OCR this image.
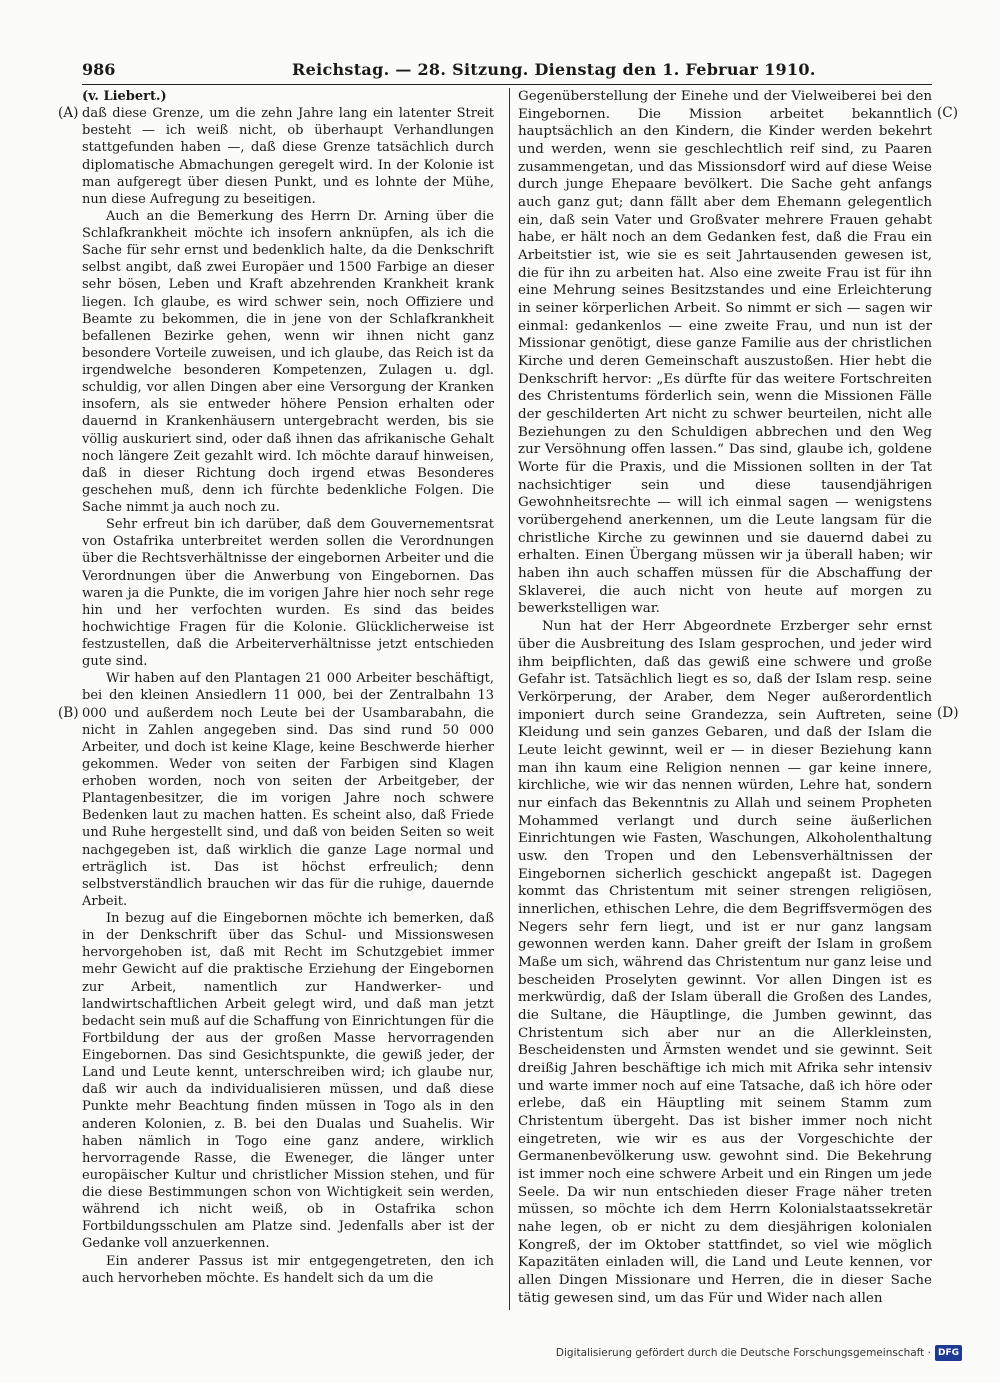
986	Reichstag. — 28. Sitzung. Dienstag den 1. Februar 1910.
(A)
(B)
(C)
(D)

(v. Liebert.)

daß diese Grenze, um die zehn Jahre lang ein latenter Streit besteht — ich weiß nicht, ob überhaupt Verhandlungen stattgefunden haben —, daß diese Grenze tatsächlich durch diplomatische Abmachungen geregelt wird. In der Kolonie ist man aufgeregt über diesen Punkt, und es lohnte der Mühe, nun diese Aufregung zu beseitigen.

Auch an die Bemerkung des Herrn Dr. Arning über die Schlafkrankheit möchte ich insofern anknüpfen, als ich die Sache für sehr ernst und bedenklich halte, da die Denkschrift selbst angibt, daß zwei Europäer und 1500 Farbige an dieser sehr bösen, Leben und Kraft abzehrenden Krankheit krank liegen. Ich glaube, es wird schwer sein, noch Offiziere und Beamte zu bekommen, die in jene von der Schlafkrankheit befallenen Bezirke gehen, wenn wir ihnen nicht ganz besondere Vorteile zuweisen, und ich glaube, das Reich ist da irgendwelche besonderen Kompetenzen, Zulagen u. dgl. schuldig, vor allen Dingen aber eine Versorgung der Kranken insofern, als sie entweder höhere Pension erhalten oder dauernd in Krankenhäusern untergebracht werden, bis sie völlig auskuriert sind, oder daß ihnen das afrikanische Gehalt noch längere Zeit gezahlt wird. Ich möchte darauf hinweisen, daß in dieser Richtung doch irgend etwas Besonderes geschehen muß, denn ich fürchte bedenkliche Folgen. Die Sache nimmt ja auch noch zu.

Sehr erfreut bin ich darüber, daß dem Gouvernementsrat von Ostafrika unterbreitet werden sollen die Verordnungen über die Rechtsverhältnisse der eingebornen Arbeiter und die Verordnungen über die Anwerbung von Eingebornen. Das waren ja die Punkte, die im vorigen Jahre hier noch sehr rege hin und her verfochten wurden. Es sind das beides hochwichtige Fragen für die Kolonie. Glücklicherweise ist festzustellen, daß die Arbeiterverhältnisse jetzt entschieden gute sind.

Wir haben auf den Plantagen 21 000 Arbeiter beschäftigt, bei den kleinen Ansiedlern 11 000, bei der Zentralbahn 13 000 und außerdem noch Leute bei der Usambarabahn, die nicht in Zahlen angegeben sind. Das sind rund 50 000 Arbeiter, und doch ist keine Klage, keine Beschwerde hierher gekommen. Weder von seiten der Farbigen sind Klagen erhoben worden, noch von seiten der Arbeitgeber, der Plantagenbesitzer, die im vorigen Jahre noch schwere Bedenken laut zu machen hatten. Es scheint also, daß Friede und Ruhe hergestellt sind, und daß von beiden Seiten so weit nachgegeben ist, daß wirklich die ganze Lage normal und erträglich ist. Das ist höchst erfreulich; denn selbstverständlich brauchen wir das für die ruhige, dauernde Arbeit.

In bezug auf die Eingebornen möchte ich bemerken, daß in der Denkschrift über das Schul- und Missionswesen hervorgehoben ist, daß mit Recht im Schutzgebiet immer mehr Gewicht auf die praktische Erziehung der Eingebornen zur Arbeit, namentlich zur Handwerker- und landwirtschaftlichen Arbeit gelegt wird, und daß man jetzt bedacht sein muß auf die Schaffung von Einrichtungen für die Fortbildung der aus der großen Masse hervorragenden Eingebornen. Das sind Gesichtspunkte, die gewiß jeder, der Land und Leute kennt, unterschreiben wird; ich glaube nur, daß wir auch da individualisieren müssen, und daß diese Punkte mehr Beachtung finden müssen in Togo als in den anderen Kolonien, z. B. bei den Dualas und Suahelis. Wir haben nämlich in Togo eine ganz andere, wirklich hervorragende Rasse, die Eweneger, die länger unter europäischer Kultur und christlicher Mission stehen, und für die diese Bestimmungen schon von Wichtigkeit sein werden, während ich nicht weiß, ob in Ostafrika schon Fortbildungsschulen am Platze sind. Jedenfalls aber ist der Gedanke voll anzuerkennen.

Ein anderer Passus ist mir entgegengetreten, den ich auch hervorheben möchte. Es handelt sich da um die

Gegenüberstellung der Einehe und der Vielweiberei bei den Eingebornen. Die Mission arbeitet bekanntlich hauptsächlich an den Kindern, die Kinder werden bekehrt und werden, wenn sie geschlechtlich reif sind, zu Paaren zusammengetan, und das Missionsdorf wird auf diese Weise durch junge Ehepaare bevölkert. Die Sache geht anfangs auch ganz gut; dann fällt aber dem Ehemann gelegentlich ein, daß sein Vater und Großvater mehrere Frauen gehabt habe, er hält noch an dem Gedanken fest, daß die Frau ein Arbeitstier ist, wie sie es seit Jahrtausenden gewesen ist, die für ihn zu arbeiten hat. Also eine zweite Frau ist für ihn eine Mehrung seines Besitzstandes und eine Erleichterung in seiner körperlichen Arbeit. So nimmt er sich — sagen wir einmal: gedankenlos — eine zweite Frau, und nun ist der Missionar genötigt, diese ganze Familie aus der christlichen Kirche und deren Gemeinschaft auszustoßen. Hier hebt die Denkschrift hervor: „Es dürfte für das weitere Fortschreiten des Christentums förderlich sein, wenn die Missionen Fälle der geschilderten Art nicht zu schwer beurteilen, nicht alle Beziehungen zu den Schuldigen abbrechen und den Weg zur Versöhnung offen lassen.“ Das sind, glaube ich, goldene Worte für die Praxis, und die Missionen sollten in der Tat nachsichtiger sein und diese tausendjährigen Gewohnheitsrechte — will ich einmal sagen — wenigstens vorübergehend anerkennen, um die Leute langsam für die christliche Kirche zu gewinnen und sie dauernd dabei zu erhalten. Einen Übergang müssen wir ja überall haben; wir haben ihn auch schaffen müssen für die Abschaffung der Sklaverei, die auch nicht von heute auf morgen zu bewerkstelligen war.

Nun hat der Herr Abgeordnete Erzberger sehr ernst über die Ausbreitung des Islam gesprochen, und jeder wird ihm beipflichten, daß das gewiß eine schwere und große Gefahr ist. Tatsächlich liegt es so, daß der Islam resp. seine Verkörperung, der Araber, dem Neger außerordentlich imponiert durch seine Grandezza, sein Auftreten, seine Kleidung und sein ganzes Gebaren, und daß der Islam die Leute leicht gewinnt, weil er — in dieser Beziehung kann man ihn kaum eine Religion nennen — gar keine innere, kirchliche, wie wir das nennen würden, Lehre hat, sondern nur einfach das Bekenntnis zu Allah und seinem Propheten Mohammed verlangt und durch seine äußerlichen Einrichtungen wie Fasten, Waschungen, Alkoholenthaltung usw. den Tropen und den Lebensverhältnissen der Eingebornen sicherlich geschickt angepaßt ist. Dagegen kommt das Christentum mit seiner strengen religiösen, innerlichen, ethischen Lehre, die dem Begriffsvermögen des Negers sehr fern liegt, und ist er nur ganz langsam gewonnen werden kann. Daher greift der Islam in großem Maße um sich, während das Christentum nur ganz leise und bescheiden Proselyten gewinnt. Vor allen Dingen ist es merkwürdig, daß der Islam überall die Großen des Landes, die Sultane, die Häuptlinge, die Jumben gewinnt, das Christentum sich aber nur an die Allerkleinsten, Bescheidensten und Ärmsten wendet und sie gewinnt. Seit dreißig Jahren beschäftige ich mich mit Afrika sehr intensiv und warte immer noch auf eine Tatsache, daß ich höre oder erlebe, daß ein Häuptling mit seinem Stamm zum Christentum übergeht. Das ist bisher immer noch nicht eingetreten, wie wir es aus der Vorgeschichte der Germanenbevölkerung usw. gewohnt sind. Die Bekehrung ist immer noch eine schwere Arbeit und ein Ringen um jede Seele. Da wir nun entschieden dieser Frage näher treten müssen, so möchte ich dem Herrn Kolonialstaatssekretär nahe legen, ob er nicht zu dem diesjährigen kolonialen Kongreß, der im Oktober stattfindet, so viel wie möglich Kapazitäten einladen will, die Land und Leute kennen, vor allen Dingen Missionare und Herren, die in dieser Sache tätig gewesen sind, um das Für und Wider nach allen

Digitalisierung gefördert durch die Deutsche Forschungsgemeinschaft · DFG
